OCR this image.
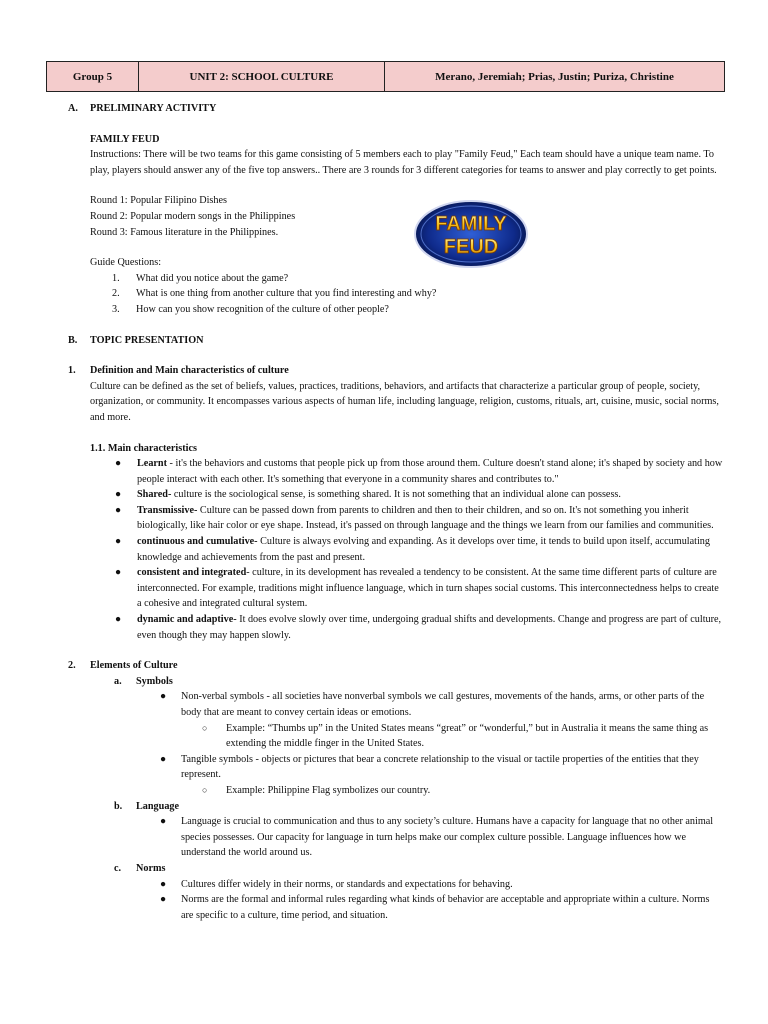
Group 5	UNIT 2: SCHOOL CULTURE	Merano, Jeremiah; Prias, Justin; Puriza, Christine
FAMILY
FEUD
A. PRELIMINARY ACTIVITY

FAMILY FEUD

Instructions: There will be two teams for this game consisting of 5 members each to play "Family Feud," Each team should have a unique team name. To play, players should answer any of the five top answers.. There are 3 rounds for 3 different categories for teams to answer and play correctly to get points.

Round 1: Popular Filipino Dishes

Round 2: Popular modern songs in the Philippines

Round 3: Famous literature in the Philippines.

Guide Questions:

1. What did you notice about the game?
2. What is one thing from another culture that you find interesting and why?
3. How can you show recognition of the culture of other people?
B. TOPIC PRESENTATION
1. Definition and Main characteristics of culture

Culture can be defined as the set of beliefs, values, practices, traditions, behaviors, and artifacts that characterize a particular group of people, society, organization, or community. It encompasses various aspects of human life, including language, religion, customs, rituals, art, cuisine, music, social norms, and more.

1.1. Main characteristics

● Learnt - it's the behaviors and customs that people pick up from those around them. Culture doesn't stand alone; it's shaped by society and how people interact with each other. It's something that everyone in a community shares and contributes to."
● Shared- culture is the sociological sense, is something shared. It is not something that an individual alone can possess.
● Transmissive- Culture can be passed down from parents to children and then to their children, and so on. It's not something you inherit biologically, like hair color or eye shape. Instead, it's passed on through language and the things we learn from our families and communities.
● continuous and cumulative- Culture is always evolving and expanding. As it develops over time, it tends to build upon itself, accumulating knowledge and achievements from the past and present.
● consistent and integrated- culture, in its development has revealed a tendency to be consistent. At the same time different parts of culture are interconnected. For example, traditions might influence language, which in turn shapes social customs. This interconnectedness helps to create a cohesive and integrated cultural system.
● dynamic and adaptive- It does evolve slowly over time, undergoing gradual shifts and developments. Change and progress are part of culture, even though they may happen slowly.
2. Elements of Culture
a. Symbols
● Non-verbal symbols - all societies have nonverbal symbols we call gestures, movements of the hands, arms, or other parts of the body that are meant to convey certain ideas or emotions.
○ Example: “Thumbs up” in the United States means “great” or “wonderful,” but in Australia it means the same thing as extending the middle finger in the United States.
● Tangible symbols - objects or pictures that bear a concrete relationship to the visual or tactile properties of the entities that they represent.
○ Example: Philippine Flag symbolizes our country.
b. Language
● Language is crucial to communication and thus to any society’s culture. Humans have a capacity for language that no other animal species possesses. Our capacity for language in turn helps make our complex culture possible. Language influences how we understand the world around us.
c. Norms
● Cultures differ widely in their norms, or standards and expectations for behaving.
● Norms are the formal and informal rules regarding what kinds of behavior are acceptable and appropriate within a culture. Norms are specific to a culture, time period, and situation.
